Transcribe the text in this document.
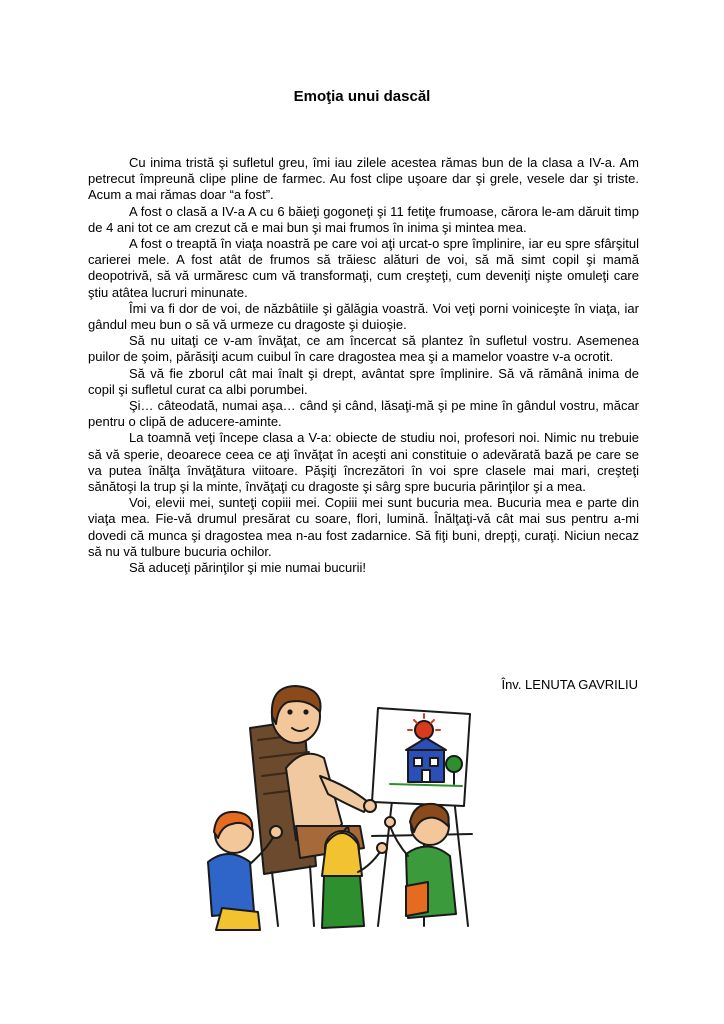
Emoţia unui dascăl

Cu inima tristă şi sufletul greu, îmi iau zilele acestea rămas bun de la clasa a IV-a. Am petrecut împreună clipe pline de farmec. Au fost clipe uşoare dar şi grele, vesele dar şi triste. Acum a mai rămas doar “a fost”.

A fost o clasă a IV-a A cu 6 băieţi gogoneţi şi 11 fetiţe frumoase, cărora le-am dăruit timp de 4 ani tot ce am crezut că e mai bun şi mai frumos în inima şi mintea mea.

A fost o treaptă în viaţa noastră pe care voi aţi urcat-o spre împlinire, iar eu spre sfârşitul carierei mele. A fost atât de frumos să trăiesc alături de voi, să mă simt copil şi mamă deopotrivă, să vă urmăresc cum vă transformaţi, cum creşteţi, cum deveniţi nişte omuleţi care ştiu atâtea lucruri minunate.

Îmi va fi dor de voi, de năzbâtiile şi gălăgia voastră. Voi veţi porni voiniceşte în viaţa, iar gândul meu bun o să vă urmeze cu dragoste şi duioşie.

Să nu uitaţi ce v-am învăţat, ce am încercat să plantez în sufletul vostru. Asemenea puilor de şoim, părăsiţi acum cuibul în care dragostea mea şi a mamelor voastre v-a ocrotit.

Să vă fie zborul cât mai înalt şi drept, avântat spre împlinire. Să vă rămână inima de copil şi sufletul curat ca albi porumbei.

Şi… câteodată, numai aşa… când şi când, lăsaţi-mă şi pe mine în gândul vostru, măcar pentru o clipă de aducere-aminte.

La toamnă veţi începe clasa a V-a: obiecte de studiu noi, profesori noi. Nimic nu trebuie să vă sperie, deoarece ceea ce aţi învăţat în aceşti ani constituie o adevărată bază pe care se va putea înălţa învăţătura viitoare. Păşiţi încrezători în voi spre clasele mai mari, creşteţi sănătoşi la trup şi la minte, învăţaţi cu dragoste şi sârg spre bucuria părinţilor şi a mea.

Voi, elevii mei, sunteţi copiii mei. Copiii mei sunt bucuria mea. Bucuria mea e parte din viaţa mea. Fie-vă drumul presărat cu soare, flori, lumină. Înălţaţi-vă cât mai sus pentru a-mi dovedi că munca şi dragostea mea n-au fost zadarnice. Să fiţi buni, drepţi, curaţi. Niciun necaz să nu vă tulbure bucuria ochilor.

Să aduceţi părinţilor şi mie numai bucurii!

Înv. LENUTA GAVRILIU
